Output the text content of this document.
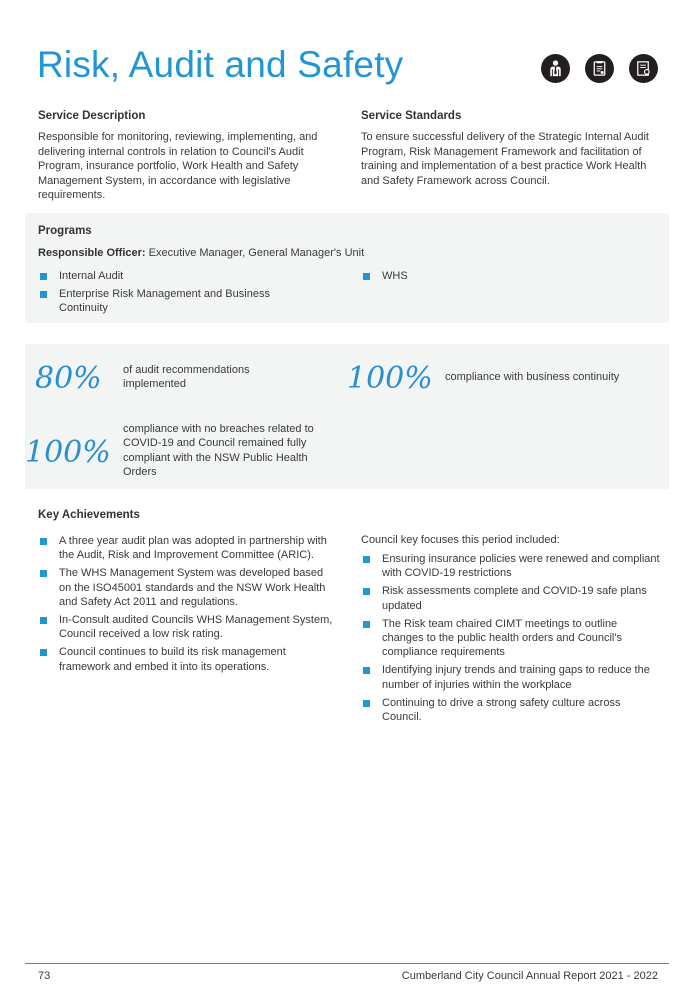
Risk, Audit and Safety
Service Description

Responsible for monitoring, reviewing, implementing, and delivering internal controls in relation to Council's Audit Program, insurance portfolio, Work Health and Safety Management System, in accordance with legislative requirements.

Service Standards

To ensure successful delivery of the Strategic Internal Audit Program, Risk Management Framework and facilitation of training and implementation of a best practice Work Health and Safety Framework across Council.

Programs
Responsible Officer: Executive Manager, General Manager's Unit
Internal Audit
Enterprise Risk Management and Business Continuity
WHS
80% of audit recommendations implemented	100% compliance with business continuity
100%
compliance with no breaches related to COVID-19 and Council remained fully compliant with the NSW Public Health Orders
Key Achievements
A three year audit plan was adopted in partnership with the Audit, Risk and Improvement Committee (ARIC).
The WHS Management System was developed based on the ISO45001 standards and the NSW Work Health and Safety Act 2011 and regulations.
In-Consult audited Councils WHS Management System, Council received a low risk rating.
Council continues to build its risk management framework and embed it into its operations.

Council key focuses this period included:

Ensuring insurance policies were renewed and compliant with COVID-19 restrictions
Risk assessments complete and COVID-19 safe plans updated
The Risk team chaired CIMT meetings to outline changes to the public health orders and Council's compliance requirements
Identifying injury trends and training gaps to reduce the number of injuries within the workplace
Continuing to drive a strong safety culture across Council.
73	Cumberland City Council Annual Report 2021 - 2022
